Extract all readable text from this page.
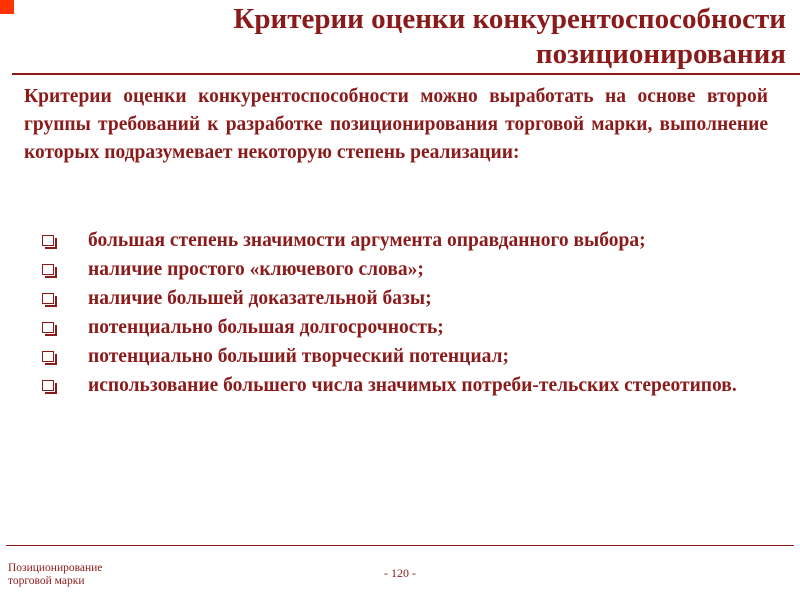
Критерии оценки конкурентоспособности позиционирования
Критерии оценки конкурентоспособности можно выработать на основе второй группы требований к разработке позиционирования торговой марки, выполнение которых подразумевает некоторую степень реализации:
большая степень значимости аргумента оправданного выбора;
наличие простого «ключевого слова»;
наличие большей доказательной базы;
потенциально большая долгосрочность;
потенциально больший творческий потенциал;
использование большего числа значимых потреби-тельских стереотипов.
Позиционирование
торговой марки
- 120 -
